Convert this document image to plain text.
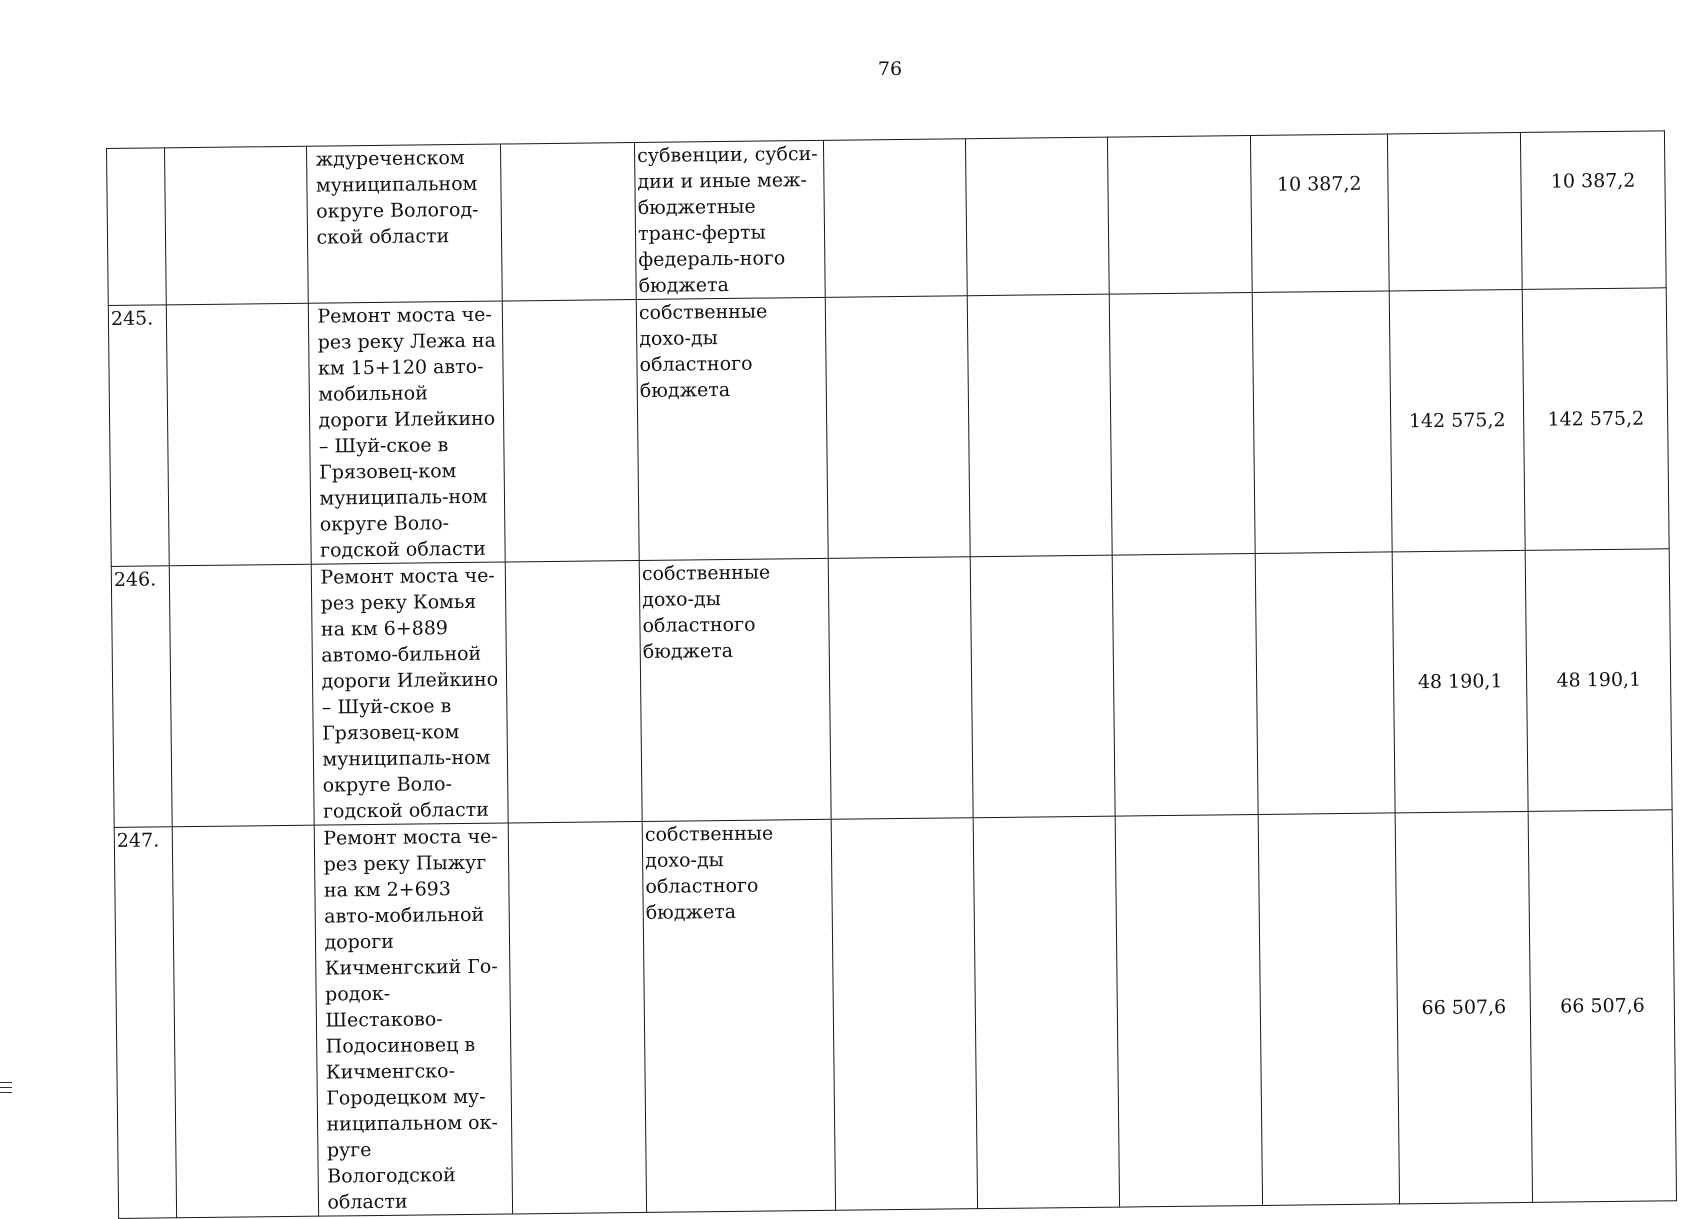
76
		ждуреченском муниципальном округе Вологод-ской области		субвенции, субси-дии и иные меж-бюджетные транс-ферты федераль-ного бюджета				10 387,2		10 387,2
245.		Ремонт моста че-рез реку Лежа на км 15+120 авто-мобильной дороги Илейкино – Шуй-ское в Грязовец-ком муниципаль-ном округе Воло-годской области		собственные дохо-ды областного бюджета					142 575,2	142 575,2
246.		Ремонт моста че-рез реку Комья на км 6+889 автомо-бильной дороги Илейкино – Шуй-ское в Грязовец-ком муниципаль-ном округе Воло-годской области		собственные дохо-ды областного бюджета					48 190,1	48 190,1
247.		Ремонт моста че-рез реку Пыжуг на км 2+693 авто-мобильной дороги Кичменгский Го-родок-Шестаково-Подосиновец в Кичменгско-Городецком му-ниципальном ок-руге Вологодской области		собственные дохо-ды областного бюджета					66 507,6	66 507,6
